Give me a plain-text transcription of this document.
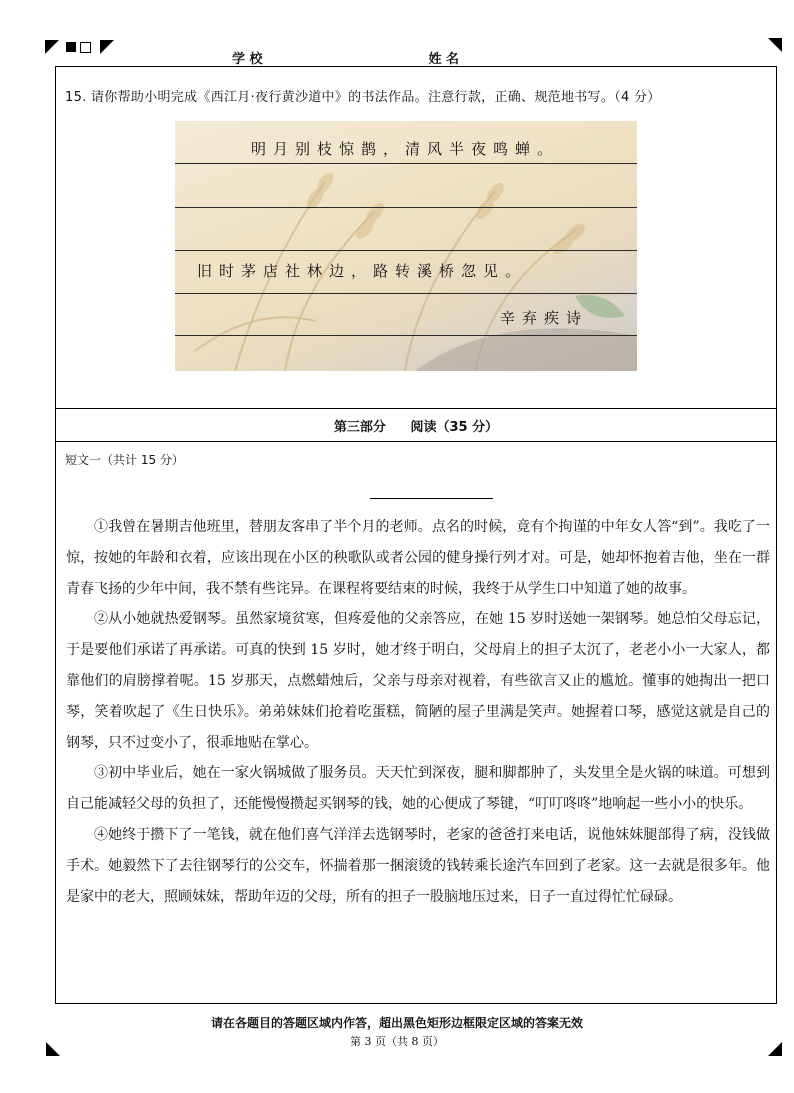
学 校	姓 名
15. 请你帮助小明完成《西江月·夜行黄沙道中》的书法作品。注意行款，正确、规范地书写。（4 分）
明月别枝惊鹊，清风半夜鸣蝉。
旧时茅店社林边，路转溪桥忽见。
辛弃疾诗
第三部分 阅读（35 分）
短文一（共计 15 分）

①我曾在暑期吉他班里，替朋友客串了半个月的老师。点名的时候，竟有个拘谨的中年女人答“到”。我吃了一惊，按她的年龄和衣着，应该出现在小区的秧歌队或者公园的健身操行列才对。可是，她却怀抱着吉他，坐在一群青春飞扬的少年中间，我不禁有些诧异。在课程将要结束的时候，我终于从学生口中知道了她的故事。

②从小她就热爱钢琴。虽然家境贫寒，但疼爱他的父亲答应，在她 15 岁时送她一架钢琴。她总怕父母忘记，于是要他们承诺了再承诺。可真的快到 15 岁时，她才终于明白，父母肩上的担子太沉了，老老小小一大家人，都靠他们的肩膀撑着呢。15 岁那天，点燃蜡烛后，父亲与母亲对视着，有些欲言又止的尴尬。懂事的她掏出一把口琴，笑着吹起了《生日快乐》。弟弟妹妹们抢着吃蛋糕，简陋的屋子里满是笑声。她握着口琴，感觉这就是自己的钢琴，只不过变小了，很乖地贴在掌心。

③初中毕业后，她在一家火锅城做了服务员。天天忙到深夜，腿和脚都肿了，头发里全是火锅的味道。可想到自己能减轻父母的负担了，还能慢慢攒起买钢琴的钱，她的心便成了琴键，“叮叮咚咚”地响起一些小小的快乐。

④她终于攒下了一笔钱，就在他们喜气洋洋去选钢琴时，老家的爸爸打来电话，说他妹妹腿部得了病，没钱做手术。她毅然下了去往钢琴行的公交车，怀揣着那一捆滚烫的钱转乘长途汽车回到了老家。这一去就是很多年。他是家中的老大，照顾妹妹，帮助年迈的父母，所有的担子一股脑地压过来，日子一直过得忙忙碌碌。

请在各题目的答题区域内作答，超出黑色矩形边框限定区域的答案无效
第 3 页（共 8 页）
